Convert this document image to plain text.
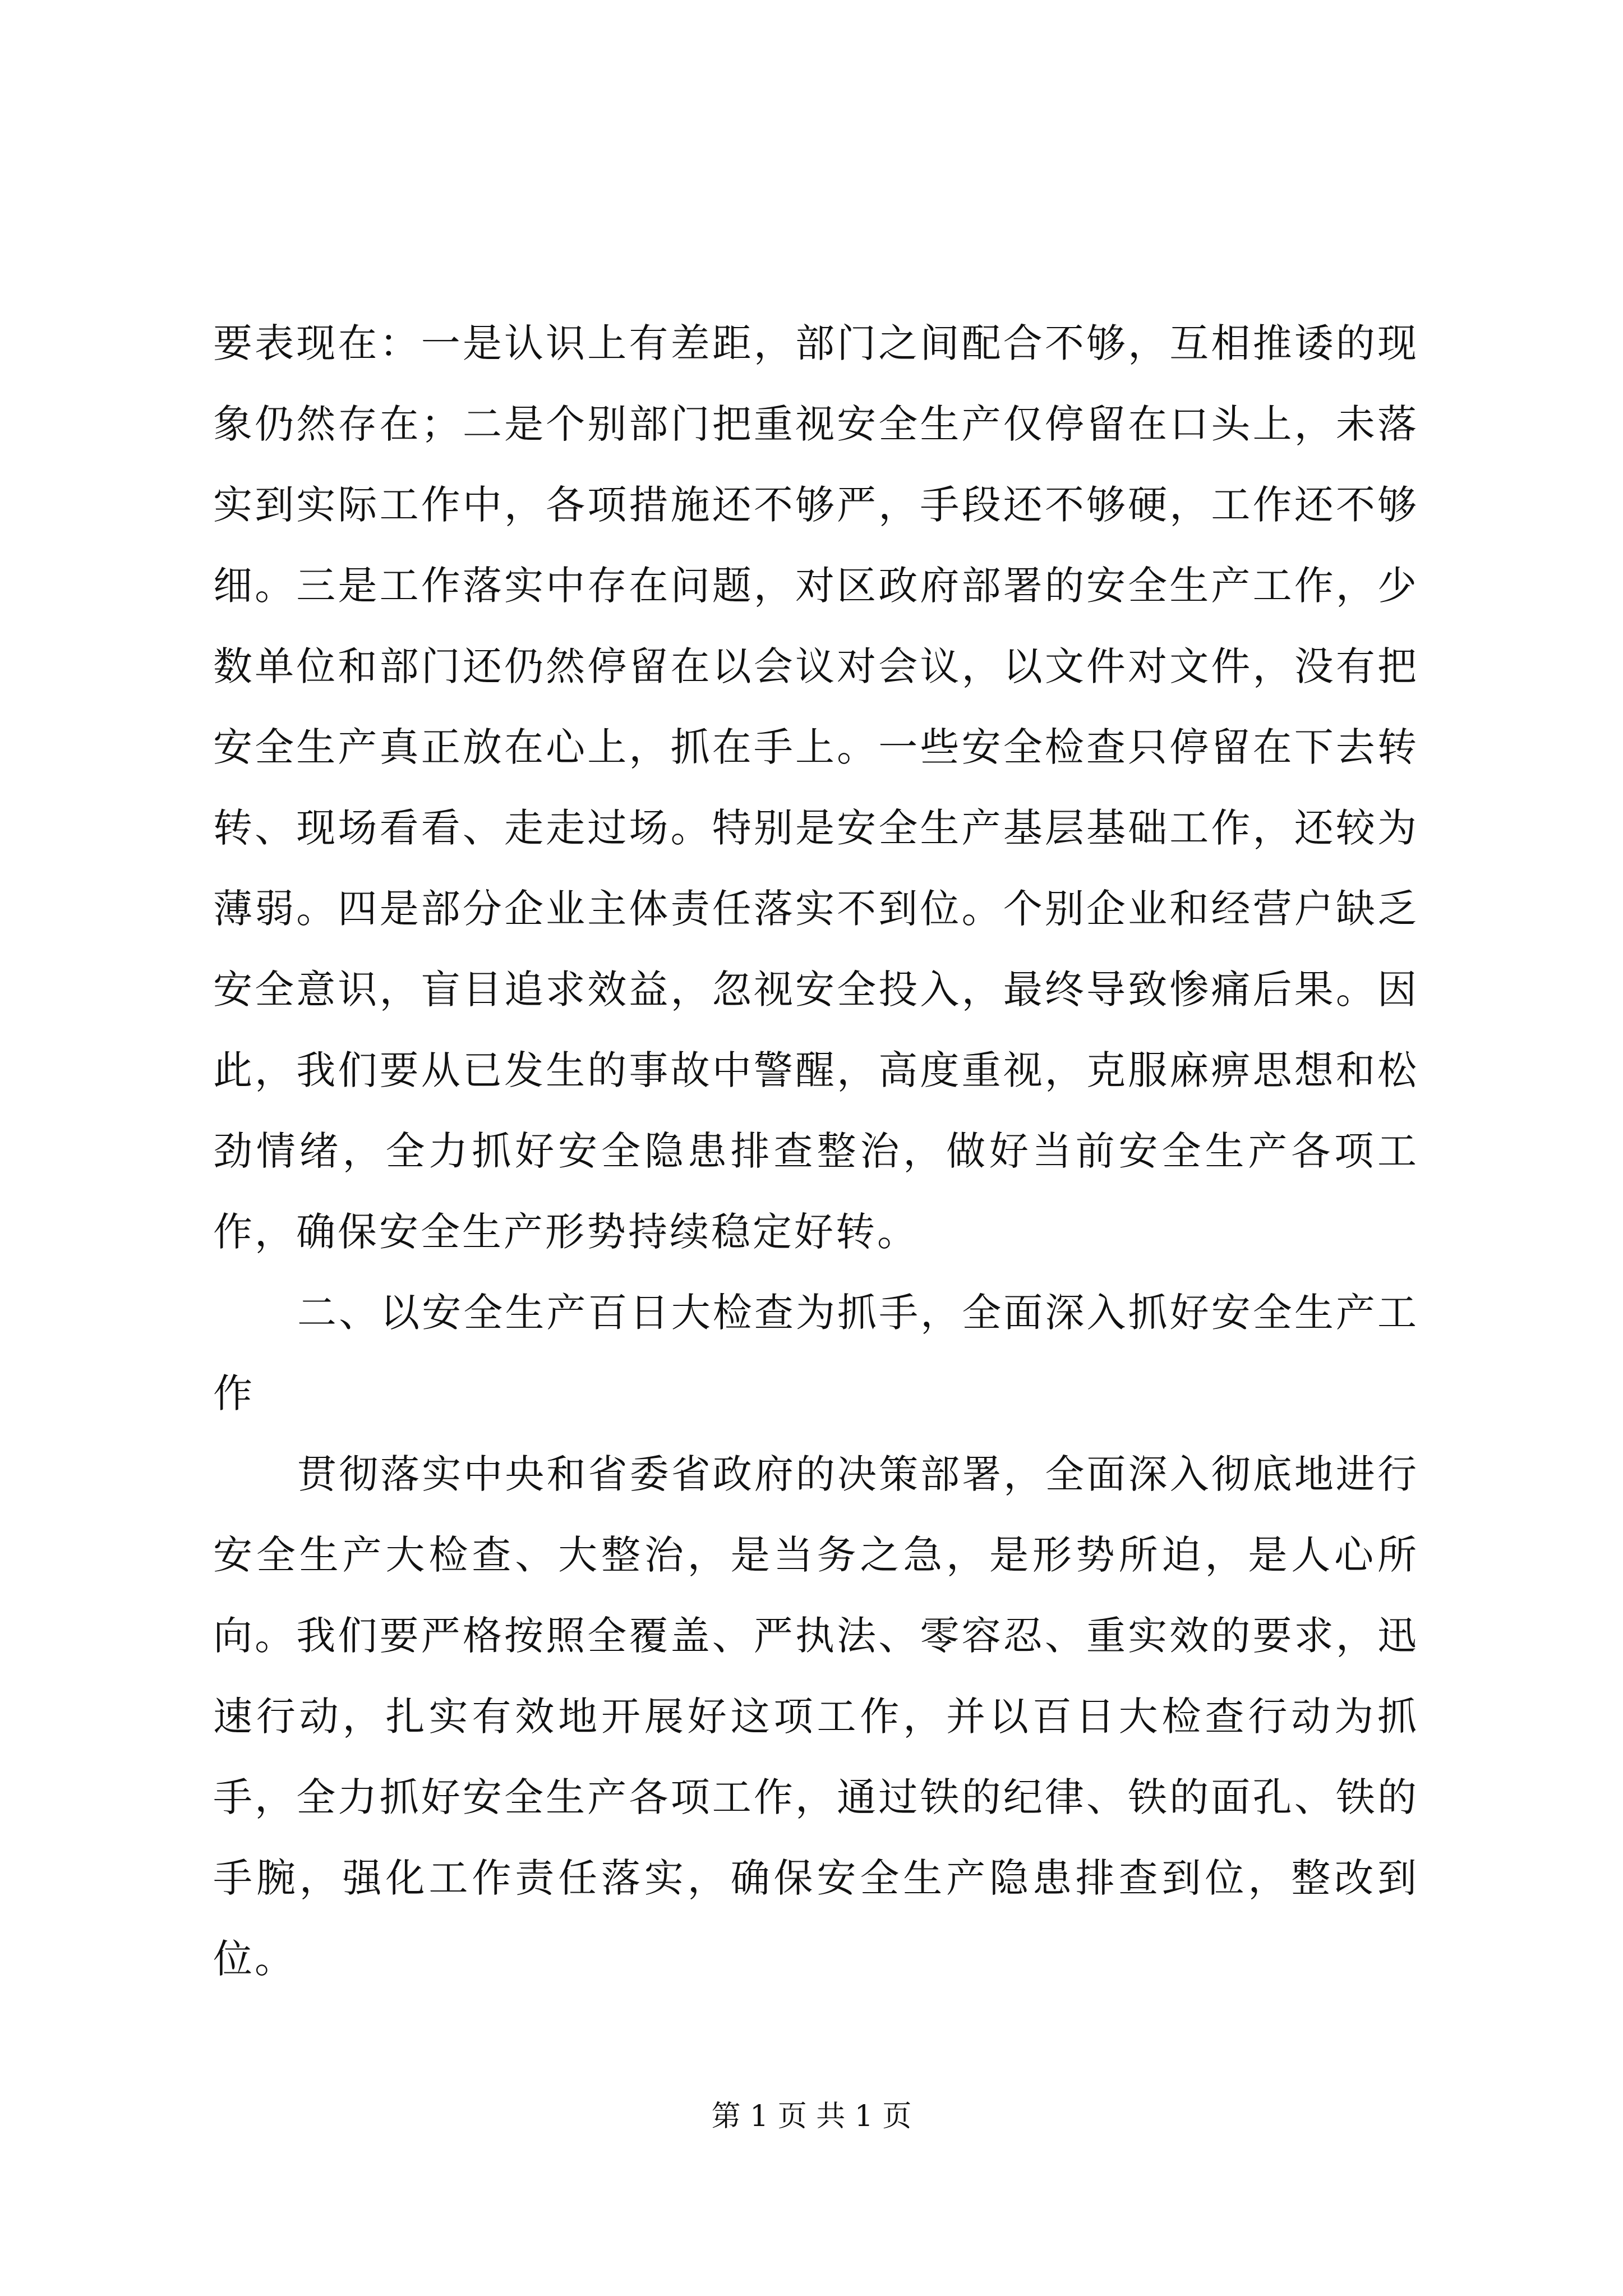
要表现在：一是认识上有差距，部门之间配合不够，互相推诿的现象仍然存在；二是个别部门把重视安全生产仅停留在口头上，未落实到实际工作中，各项措施还不够严，手段还不够硬，工作还不够细。三是工作落实中存在问题，对区政府部署的安全生产工作，少数单位和部门还仍然停留在以会议对会议，以文件对文件，没有把安全生产真正放在心上，抓在手上。一些安全检查只停留在下去转转、现场看看、走走过场。特别是安全生产基层基础工作，还较为薄弱。四是部分企业主体责任落实不到位。个别企业和经营户缺乏安全意识，盲目追求效益，忽视安全投入，最终导致惨痛后果。因此，我们要从已发生的事故中警醒，高度重视，克服麻痹思想和松劲情绪，全力抓好安全隐患排查整治，做好当前安全生产各项工作，确保安全生产形势持续稳定好转。

二、以安全生产百日大检查为抓手，全面深入抓好安全生产工作

贯彻落实中央和省委省政府的决策部署，全面深入彻底地进行安全生产大检查、大整治，是当务之急，是形势所迫，是人心所向。我们要严格按照全覆盖、严执法、零容忍、重实效的要求，迅速行动，扎实有效地开展好这项工作，并以百日大检查行动为抓手，全力抓好安全生产各项工作，通过铁的纪律、铁的面孔、铁的手腕，强化工作责任落实，确保安全生产隐患排查到位，整改到位。

第 1 页 共 1 页
